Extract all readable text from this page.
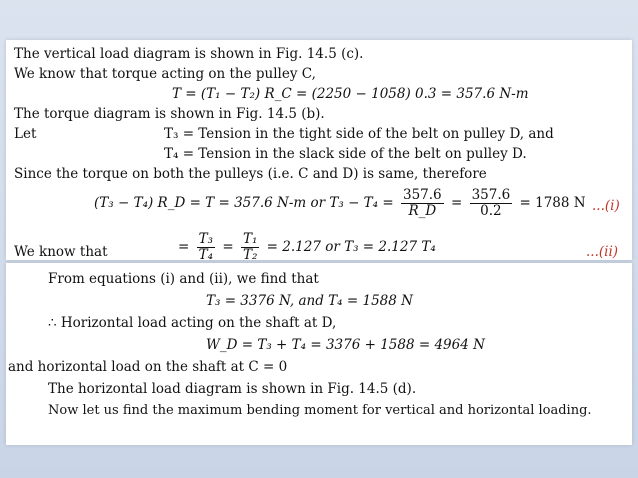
The vertical load diagram is shown in Fig. 14.5 (c).
We know that torque acting on the pulley C,
T = (T₁ − T₂) R_C = (2250 − 1058) 0.3 = 357.6 N-m
The torque diagram is shown in Fig. 14.5 (b).
Let	T₃ = Tension in the tight side of the belt on pulley D, and
T₄ = Tension in the slack side of the belt on pulley D.
Since the torque on both the pulleys (i.e. C and D) is same, therefore
(T₃ − T₄) R_D = T = 357.6 N-m or $T_3 - T_4 = \frac{357.6}{R\_D} = \frac{357.6}{0.2} = 1788$ N ...(i)
We know that	= $\frac{\text{T₃}}{\text{T₄}} = \frac{\text{T₁}}{\text{T₂}} = 2.127$ or T₃ = 2.127 T₄	...(ii)
From equations (i) and (ii), we find that
T₃ = 3376 N, and T₄ = 1588 N
∴ Horizontal load acting on the shaft at D,
W_D = T₃ + T₄ = 3376 + 1588 = 4964 N
and horizontal load on the shaft at C = 0
The horizontal load diagram is shown in Fig. 14.5 (d).
Now let us find the maximum bending moment for vertical and horizontal loading.
